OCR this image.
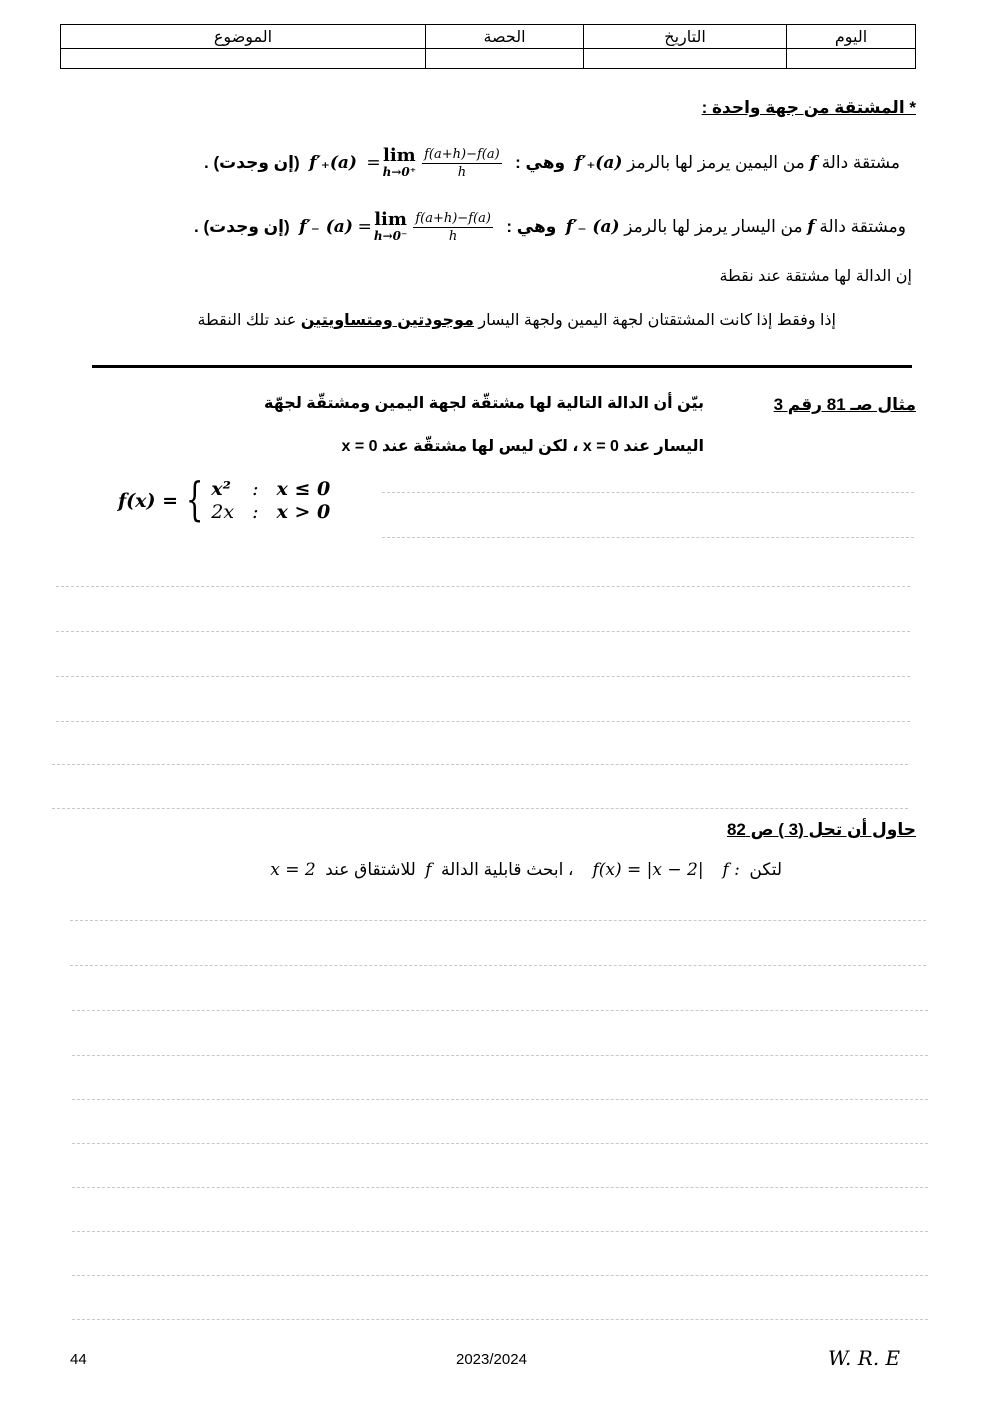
اليوم	التاريخ	الحصة	الموضوع

* المشتقة من جهة واحدة :
مشتقة دالة

f

من اليمين يرمز لها بالرمز

f′₊(a)

وهي :

f′₊(a)
= lim
$h\to 0^+ \frac{f(a+h)-f(a)}{h}$

(إن وجدت)

.
ومشتقة دالة

f

من اليسار يرمز لها بالرمز

f′₋ (a)

وهي :

f′₋ (a)
= lim
$h\to 0^- \frac{f(a+h)-f(a)}{h}$

(إن وجدت)

.
إن الدالة لها مشتقة عند نقطة
إذا وفقط إذا كانت المشتقتان لجهة اليمين ولجهة اليسار موجودتين ومتساويتين عند تلك النقطة
مثال صـ 81 رقم 3
بيّن أن الدالة التالية لها مشتقّة لجهة اليمين ومشتقّة لجهّة
اليسار عند x = 0 ، لكن ليس لها مشتقّة عند x = 0
f(x) = { x² : x ≤ 0
2x : x > 0
حاول أن تحل (3 ) ص 82
لتكن

f :

f(x) = |x − 2|

، ابحث قابلية الدالة

f

للاشتقاق عند

x = 2
44	2023/2024	W. R. E
